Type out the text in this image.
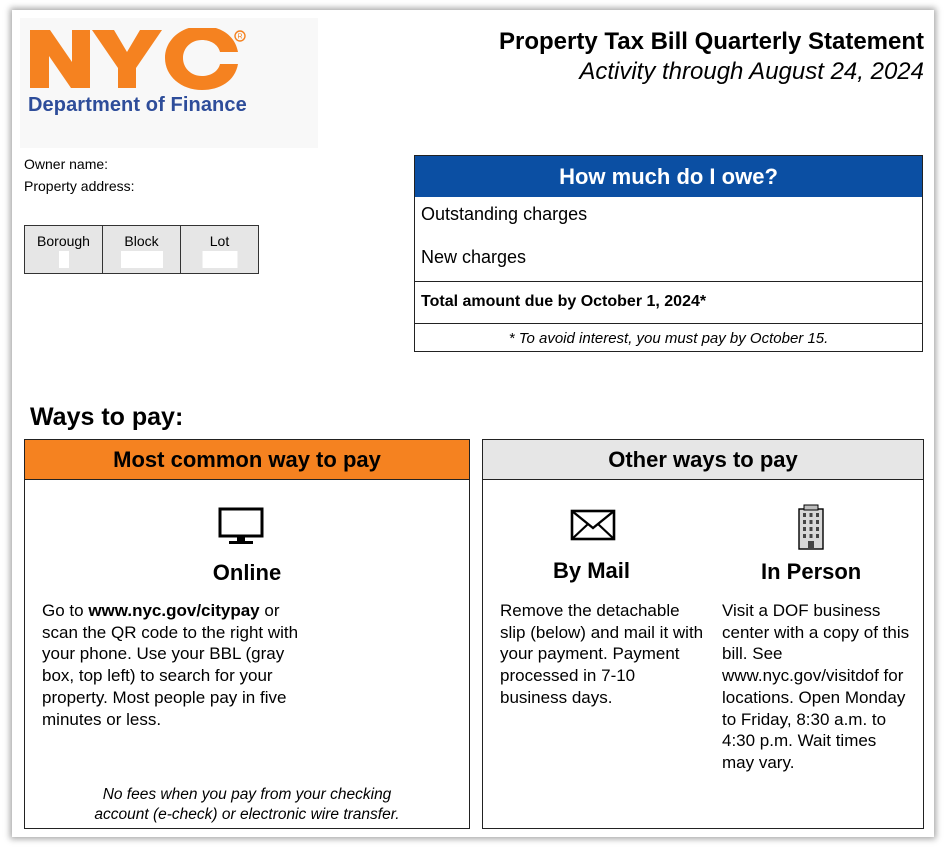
R
Department of Finance
Property Tax Bill Quarterly Statement
Activity through August 24, 2024
Owner name:
Property address:
Borough	Block	Lot
How much do I owe?
Outstanding charges
New charges
Total amount due by October 1, 2024*
* To avoid interest, you must pay by October 15.
Ways to pay:
Most common way to pay
Online
Go to www.nyc.gov/citypay or scan the QR code to the right with your phone. Use your BBL (gray box, top left) to search for your property. Most people pay in five minutes or less.
No fees when you pay from your checking
account (e-check) or electronic wire transfer.
Other ways to pay
By Mail
Remove the detachable slip (below) and mail it with your payment. Payment processed in 7-10 business days.
In Person
Visit a DOF business center with a copy of this bill. See www.nyc.gov/visitdof for locations. Open Monday to Friday, 8:30 a.m. to 4:30 p.m. Wait times may vary.
